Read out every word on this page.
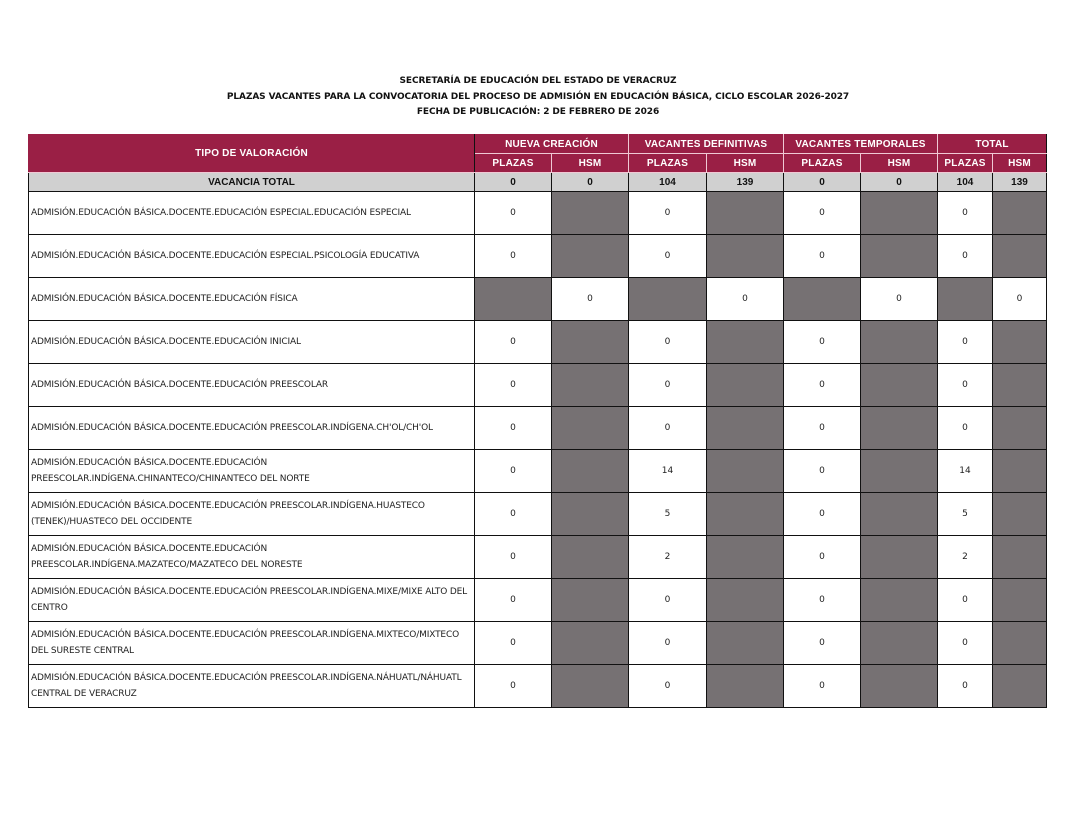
SECRETARÍA DE EDUCACIÓN DEL ESTADO DE VERACRUZ
PLAZAS VACANTES PARA LA CONVOCATORIA DEL PROCESO DE ADMISIÓN EN EDUCACIÓN BÁSICA, CICLO ESCOLAR 2026-2027
FECHA DE PUBLICACIÓN: 2 DE FEBRERO DE 2026
TIPO DE VALORACIÓN	NUEVA CREACIÓN		VACANTES DEFINITIVAS		VACANTES TEMPORALES		TOTAL	
	PLAZAS	HSM	PLAZAS	HSM	PLAZAS	HSM	PLAZAS	HSM
VACANCIA TOTAL	0	0	104	139	0	0	104	139
ADMISIÓN.EDUCACIÓN BÁSICA.DOCENTE.EDUCACIÓN ESPECIAL.EDUCACIÓN ESPECIAL	0		0		0		0	
ADMISIÓN.EDUCACIÓN BÁSICA.DOCENTE.EDUCACIÓN ESPECIAL.PSICOLOGÍA EDUCATIVA	0		0		0		0	
ADMISIÓN.EDUCACIÓN BÁSICA.DOCENTE.EDUCACIÓN FÍSICA		0		0		0		0
ADMISIÓN.EDUCACIÓN BÁSICA.DOCENTE.EDUCACIÓN INICIAL	0		0		0		0	
ADMISIÓN.EDUCACIÓN BÁSICA.DOCENTE.EDUCACIÓN PREESCOLAR	0		0		0		0	
ADMISIÓN.EDUCACIÓN BÁSICA.DOCENTE.EDUCACIÓN PREESCOLAR.INDÍGENA.CH'OL/CH'OL	0		0		0		0	
ADMISIÓN.EDUCACIÓN BÁSICA.DOCENTE.EDUCACIÓN PREESCOLAR.INDÍGENA.CHINANTECO/CHINANTECO DEL NORTE	0		14		0		14	
ADMISIÓN.EDUCACIÓN BÁSICA.DOCENTE.EDUCACIÓN PREESCOLAR.INDÍGENA.HUASTECO (TENEK)/HUASTECO DEL OCCIDENTE	0		5		0		5	
ADMISIÓN.EDUCACIÓN BÁSICA.DOCENTE.EDUCACIÓN PREESCOLAR.INDÍGENA.MAZATECO/MAZATECO DEL NORESTE	0		2		0		2	
ADMISIÓN.EDUCACIÓN BÁSICA.DOCENTE.EDUCACIÓN PREESCOLAR.INDÍGENA.MIXE/MIXE ALTO DEL CENTRO	0		0		0		0	
ADMISIÓN.EDUCACIÓN BÁSICA.DOCENTE.EDUCACIÓN PREESCOLAR.INDÍGENA.MIXTECO/MIXTECO DEL SURESTE CENTRAL	0		0		0		0	
ADMISIÓN.EDUCACIÓN BÁSICA.DOCENTE.EDUCACIÓN PREESCOLAR.INDÍGENA.NÁHUATL/NÁHUATL CENTRAL DE VERACRUZ	0		0		0		0	
